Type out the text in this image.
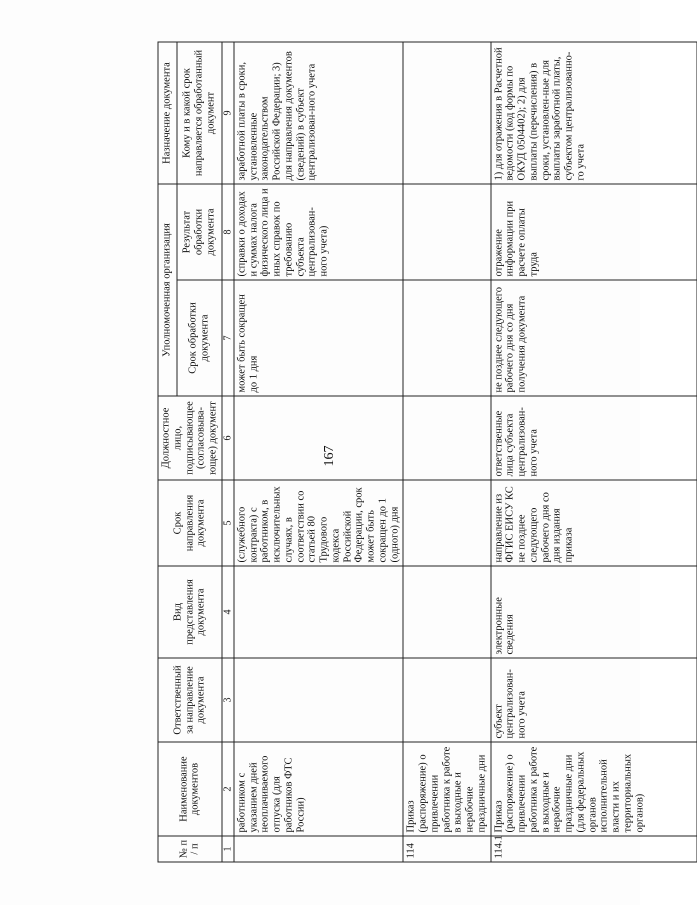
167
№ п / п	Наименование документов	Ответственный за направление документа	Вид представления документа	Срок направления документа	Должностное лицо, подписывающее (согласовыва-ющее) документ	Уполномоченная организация		Назначение документа
						Срок обработки документа	Результат обработки документа	Кому и в какой срок направляется обработанный документ
1	2	3	4	5	6	7	8	9
	работником с указанием дней неоплачиваемого отпуска (для работников ФТС России)			(служебного контракта) с работником, в исключительных случаях, в соответствии со статьей 80 Трудового кодекса Российской Федерации, срок может быть сокращен до 1 (одного) дня		может быть сокращен до 1 дня	(справки о доходах и суммах налога физического лица и иных справок по требованию субъекта централизован-ного учета)	заработной платы в сроки, установленные законодательством Российской Федерации; 3) для направления документов (сведений) в субъект централизован-ного учета
114	Приказ (распоряжение) о привлечении работника к работе в выходные и нерабочие праздничные дни							
114.1	Приказ (распоряжение) о привлечении работника к работе в выходные и нерабочие праздничные дни (для федеральных органов исполнительной власти и их территориальных органов)	субъект централизован-ного учета	электронные сведения	направление из ФГИС ЕИСУ КС не позднее следующего рабочего дня со дня издания приказа	ответственные лица субъекта централизован-ного учета	не позднее следующего рабочего дня со дня получения документа	отражение информации при расчете оплаты труда	1) для отражения в Расчетной ведомости (код формы по ОКУД 0504402); 2) для выплаты (перечисления) в сроки, установлен-ные для выплаты заработной платы, субъектом централизованно-го учета
